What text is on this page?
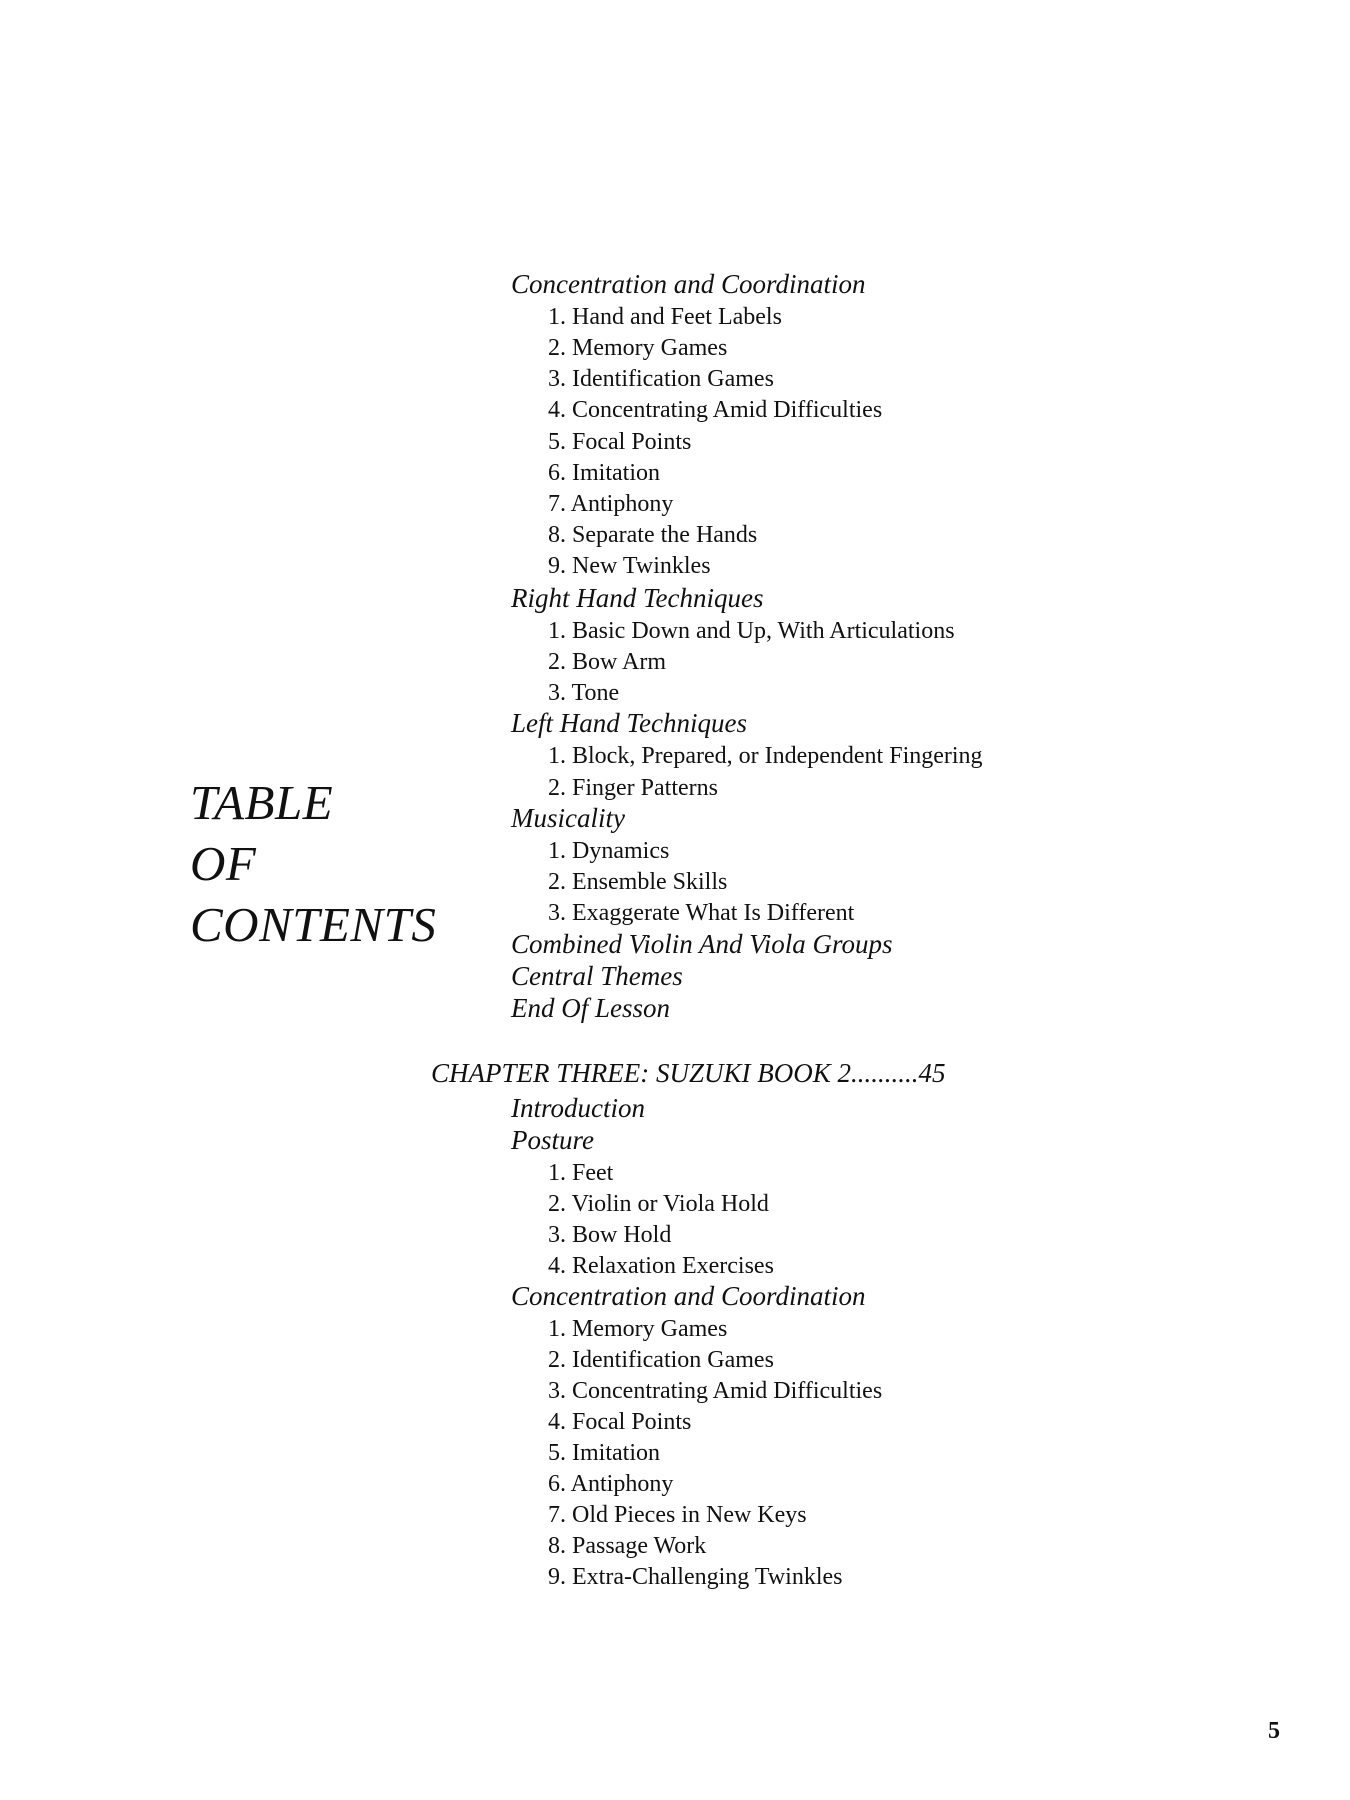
TABLE
OF
CONTENTS
Concentration and Coordination
1. Hand and Feet Labels
2. Memory Games
3. Identification Games
4. Concentrating Amid Difficulties
5. Focal Points
6. Imitation
7. Antiphony
8. Separate the Hands
9. New Twinkles
Right Hand Techniques
1. Basic Down and Up, With Articulations
2. Bow Arm
3. Tone
Left Hand Techniques
1. Block, Prepared, or Independent Fingering
2. Finger Patterns
Musicality
1. Dynamics
2. Ensemble Skills
3. Exaggerate What Is Different
Combined Violin And Viola Groups
Central Themes
End Of Lesson
CHAPTER THREE: SUZUKI BOOK 2..........45
Introduction
Posture
1. Feet
2. Violin or Viola Hold
3. Bow Hold
4. Relaxation Exercises
Concentration and Coordination
1. Memory Games
2. Identification Games
3. Concentrating Amid Difficulties
4. Focal Points
5. Imitation
6. Antiphony
7. Old Pieces in New Keys
8. Passage Work
9. Extra-Challenging Twinkles
5
